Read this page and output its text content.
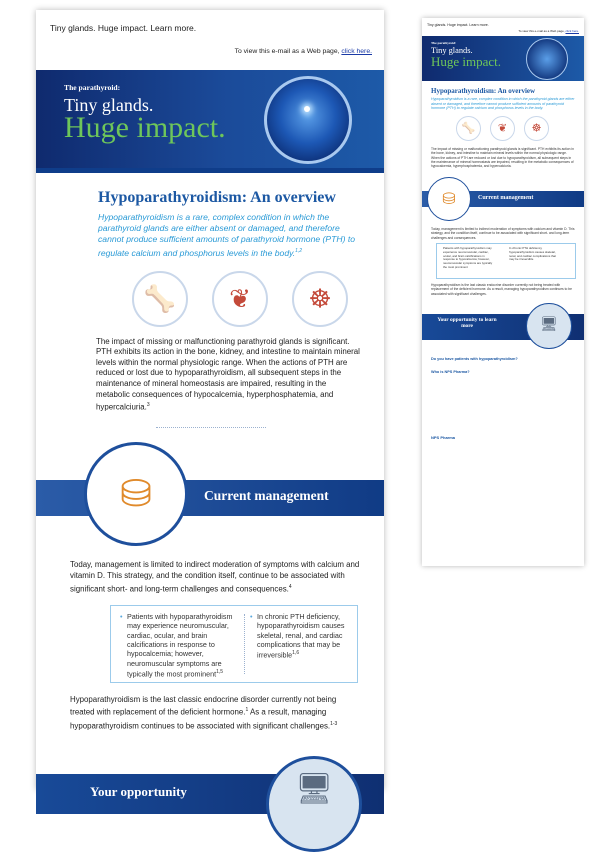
Tiny glands. Huge impact. Learn more.
To view this e-mail as a Web page, click here.
The parathyroid:
Tiny glands.
Huge impact.
Hypoparathyroidism: An overview
Hypoparathyroidism is a rare, complex condition in which the parathyroid glands are either absent or damaged, and therefore cannot produce sufficient amounts of parathyroid hormone (PTH) to regulate calcium and phosphorus levels in the body.$^{1,2}$
🦴 ❦ ☸
The impact of missing or malfunctioning parathyroid glands is significant. PTH exhibits its action in the bone, kidney, and intestine to maintain mineral levels within the normal physiologic range. When the actions of PTH are reduced or lost due to hypoparathyroidism, all subsequent steps in the maintenance of mineral homeostasis are impaired, resulting in the metabolic consequences of hypocalcemia, hyperphosphatemia, and hypercalciuria.$^3$
⛁	Current management
Today, management is limited to indirect moderation of symptoms with calcium and vitamin D. This strategy, and the condition itself, continue to be associated with significant short- and long-term challenges and consequences.$^4$
• Patients with hypoparathyroidism may experience neuromuscular, cardiac, ocular, and brain calcifications in response to hypocalcemia; however, neuromuscular symptoms are typically the most prominent$^{1,5}$
• In chronic PTH deficiency, hypoparathyroidism causes skeletal, renal, and cardiac complications that may be irreversible$^{1,6}$
Hypoparathyroidism is the last classic endocrine disorder currently not being treated with replacement of the deficient hormone.$^1$ As a result, managing hypoparathyroidism continues to be associated with significant challenges.$^{1-3}$
Your opportunity	🖥
Tiny glands. Huge impact. Learn more.
To view this e-mail as a Web page, click here.
The parathyroid:
Tiny glands.
Huge impact.
Hypoparathyroidism: An overview
Hypoparathyroidism is a rare, complex condition in which the parathyroid glands are either absent or damaged, and therefore cannot produce sufficient amounts of parathyroid hormone (PTH) to regulate calcium and phosphorus levels in the body.
🦴 ❦ ☸
The impact of missing or malfunctioning parathyroid glands is significant. PTH exhibits its action in the bone, kidney, and intestine to maintain mineral levels within the normal physiologic range. When the actions of PTH are reduced or lost due to hypoparathyroidism, all subsequent steps in the maintenance of mineral homeostasis are impaired, resulting in the metabolic consequences of hypocalcemia, hyperphosphatemia, and hypercalciuria.
⛁	Current management
Today, management is limited to indirect moderation of symptoms with calcium and vitamin D. This strategy, and the condition itself, continue to be associated with significant short- and long-term challenges and consequences.
Patients with hypoparathyroidism may experience neuromuscular, cardiac, ocular, and brain calcifications in response to hypocalcemia; however, neuromuscular symptoms are typically the most prominent
In chronic PTH deficiency, hypoparathyroidism causes skeletal, renal, and cardiac complications that may be irreversible
Hypoparathyroidism is the last classic endocrine disorder currently not being treated with replacement of the deficient hormone. As a result, managing hypoparathyroidism continues to be associated with significant challenges.
Your opportunity to learn more	🖥
Do you have patients with hypoparathyroidism?
Who is NPS Pharma?
NPS Pharma
